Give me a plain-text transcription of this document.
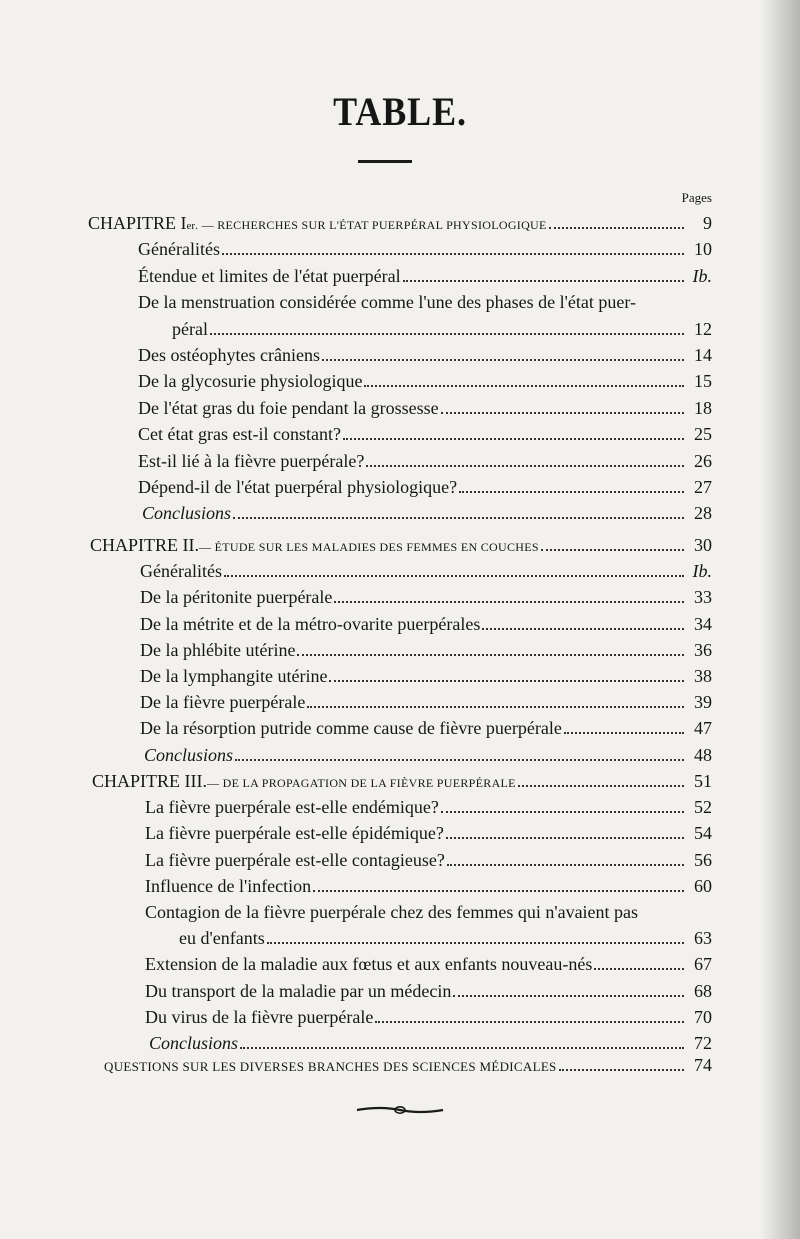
TABLE.
Pages
CHAPITRE I er . — RECHERCHES SUR L'ÉTAT PUERPÉRAL PHYSIOLOGIQUE	9
Généralités	10
Étendue et limites de l'état puerpéral	Ib.
De la menstruation considérée comme l'une des phases de l'état puer-
péral	12
Des ostéophytes crâniens	14
De la glycosurie physiologique	15
De l'état gras du foie pendant la grossesse	18
Cet état gras est-il constant?	25
Est-il lié à la fièvre puerpérale?	26
Dépend-il de l'état puerpéral physiologique?	27
Conclusions	28
CHAPITRE II. — ÉTUDE SUR LES MALADIES DES FEMMES EN COUCHES	30
Généralités	Ib.
De la péritonite puerpérale	33
De la métrite et de la métro-ovarite puerpérales	34
De la phlébite utérine	36
De la lymphangite utérine	38
De la fièvre puerpérale	39
De la résorption putride comme cause de fièvre puerpérale	47
Conclusions	48
CHAPITRE III. — DE LA PROPAGATION DE LA FIÈVRE PUERPÉRALE	51
La fièvre puerpérale est-elle endémique?	52
La fièvre puerpérale est-elle épidémique?	54
La fièvre puerpérale est-elle contagieuse?	56
Influence de l'infection	60
Contagion de la fièvre puerpérale chez des femmes qui n'avaient pas
eu d'enfants	63
Extension de la maladie aux fœtus et aux enfants nouveau-nés	67
Du transport de la maladie par un médecin	68
Du virus de la fièvre puerpérale	70
Conclusions	72
QUESTIONS SUR LES DIVERSES BRANCHES DES SCIENCES MÉDICALES	74
